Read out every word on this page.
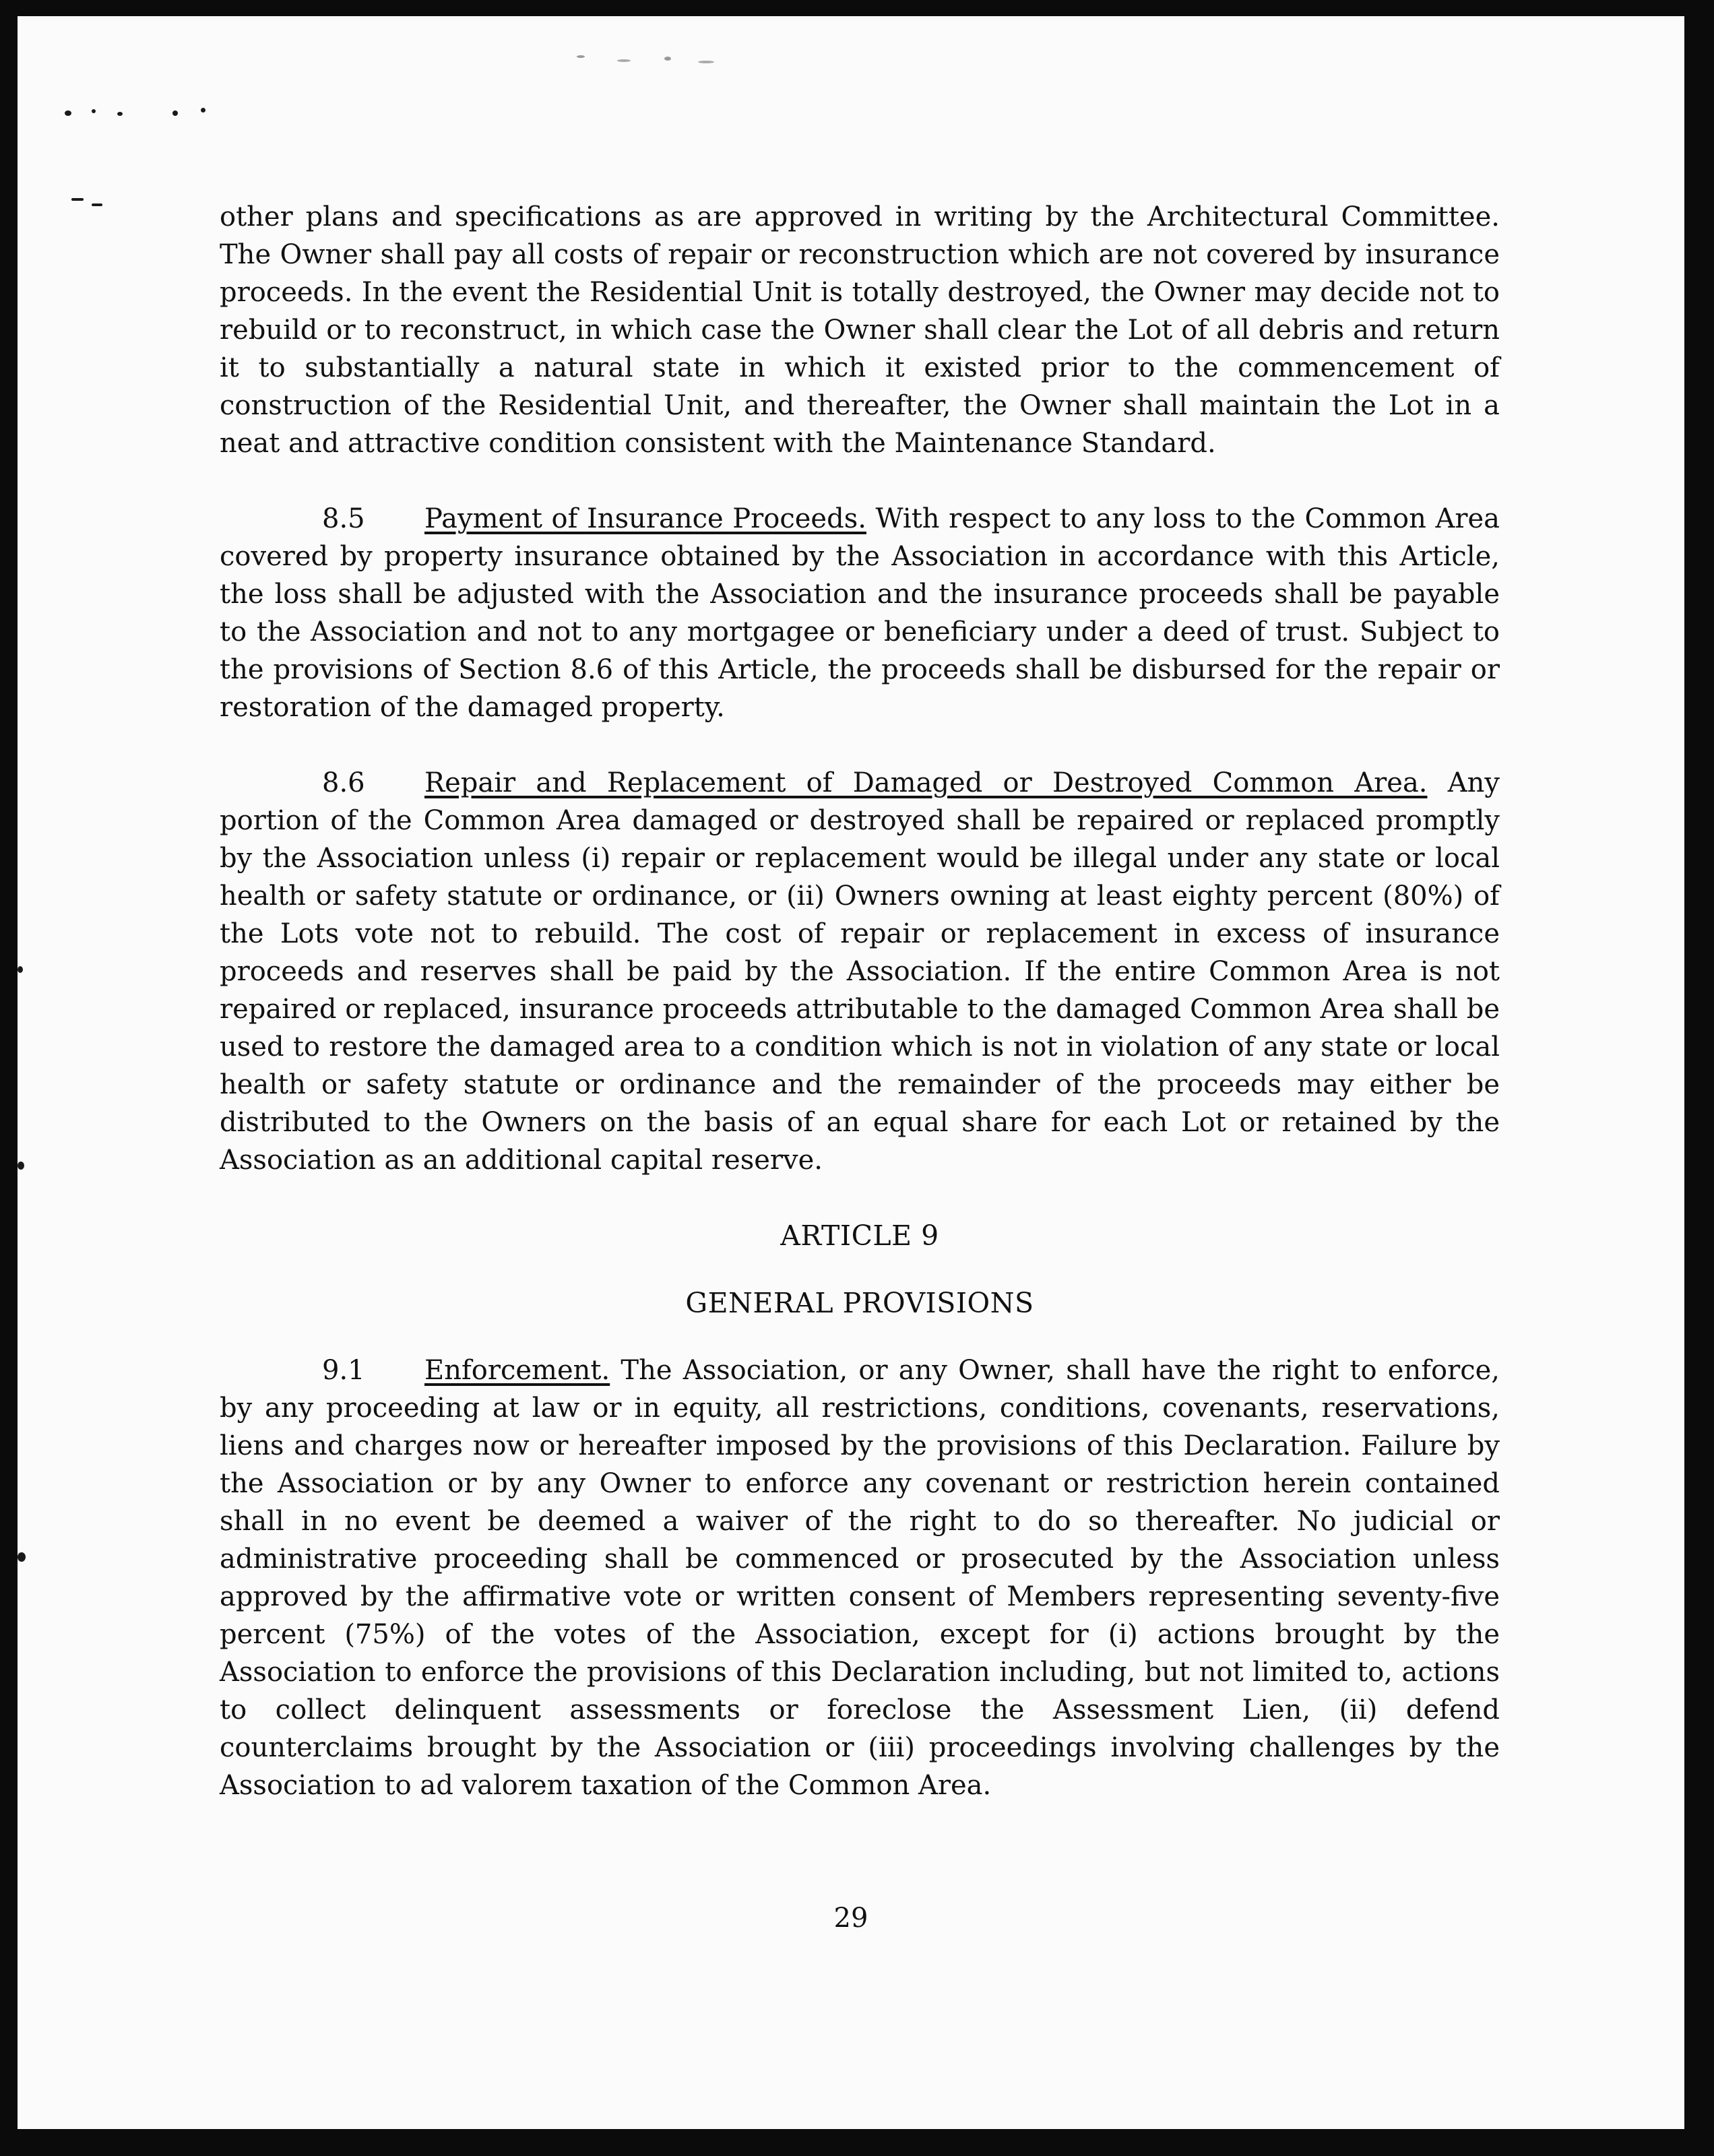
other plans and specifications as are approved in writing by the Architectural Committee. The Owner shall pay all costs of repair or reconstruction which are not covered by insurance proceeds. In the event the Residential Unit is totally destroyed, the Owner may decide not to rebuild or to reconstruct, in which case the Owner shall clear the Lot of all debris and return it to substantially a natural state in which it existed prior to the commencement of construction of the Residential Unit, and thereafter, the Owner shall maintain the Lot in a neat and attractive condition consistent with the Maintenance Standard.

8.5 Payment of Insurance Proceeds. With respect to any loss to the Common Area covered by property insurance obtained by the Association in accordance with this Article, the loss shall be adjusted with the Association and the insurance proceeds shall be payable to the Association and not to any mortgagee or beneficiary under a deed of trust. Subject to the provisions of Section 8.6 of this Article, the proceeds shall be disbursed for the repair or restoration of the damaged property.

8.6 Repair and Replacement of Damaged or Destroyed Common Area. Any portion of the Common Area damaged or destroyed shall be repaired or replaced promptly by the Association unless (i) repair or replacement would be illegal under any state or local health or safety statute or ordinance, or (ii) Owners owning at least eighty percent (80%) of the Lots vote not to rebuild. The cost of repair or replacement in excess of insurance proceeds and reserves shall be paid by the Association. If the entire Common Area is not repaired or replaced, insurance proceeds attributable to the damaged Common Area shall be used to restore the damaged area to a condition which is not in violation of any state or local health or safety statute or ordinance and the remainder of the proceeds may either be distributed to the Owners on the basis of an equal share for each Lot or retained by the Association as an additional capital reserve.

ARTICLE 9
GENERAL PROVISIONS

9.1 Enforcement. The Association, or any Owner, shall have the right to enforce, by any proceeding at law or in equity, all restrictions, conditions, covenants, reservations, liens and charges now or hereafter imposed by the provisions of this Declaration. Failure by the Association or by any Owner to enforce any covenant or restriction herein contained shall in no event be deemed a waiver of the right to do so thereafter. No judicial or administrative proceeding shall be commenced or prosecuted by the Association unless approved by the affirmative vote or written consent of Members representing seventy-five percent (75%) of the votes of the Association, except for (i) actions brought by the Association to enforce the provisions of this Declaration including, but not limited to, actions to collect delinquent assessments or foreclose the Assessment Lien, (ii) defend counterclaims brought by the Association or (iii) proceedings involving challenges by the Association to ad valorem taxation of the Common Area.

29
